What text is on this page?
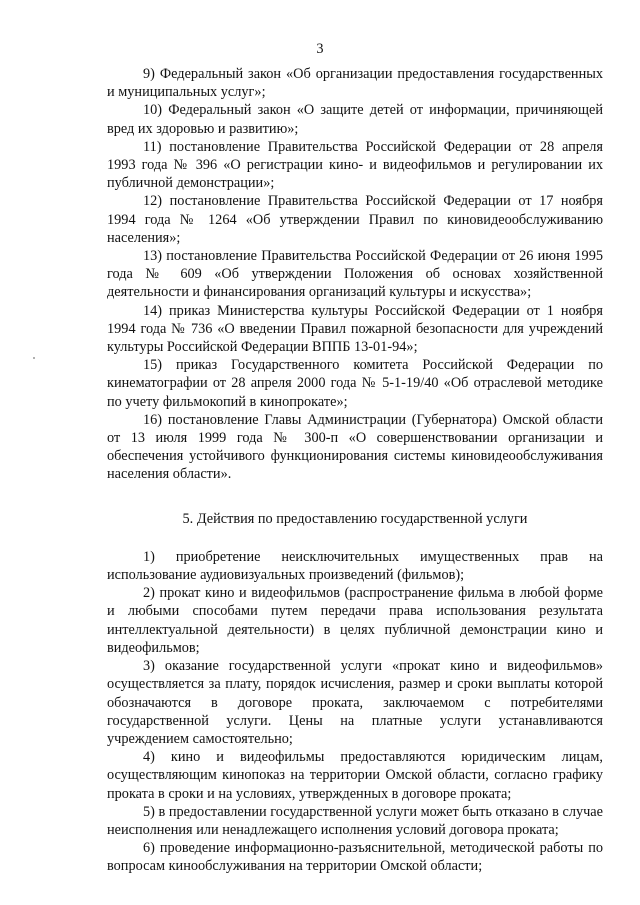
3

9) Федеральный закон «Об организации предоставления государственных и муниципальных услуг»;

10) Федеральный закон «О защите детей от информации, причиняющей вред их здоровью и развитию»;

11) постановление Правительства Российской Федерации от 28 апреля 1993 года № 396 «О регистрации кино- и видеофильмов и регулировании их публичной демонстрации»;

12) постановление Правительства Российской Федерации от 17 ноября 1994 года № 1264 «Об утверждении Правил по киновидеообслуживанию населения»;

13) постановление Правительства Российской Федерации от 26 июня 1995 года № 609 «Об утверждении Положения об основах хозяйственной деятельности и финансирования организаций культуры и искусства»;

14) приказ Министерства культуры Российской Федерации от 1 ноября 1994 года № 736 «О введении Правил пожарной безопасности для учреждений культуры Российской Федерации ВППБ 13-01-94»;

15) приказ Государственного комитета Российской Федерации по кинематографии от 28 апреля 2000 года № 5-1-19/40 «Об отраслевой методике по учету фильмокопий в кинопрокате»;

16) постановление Главы Администрации (Губернатора) Омской области от 13 июля 1999 года № 300-п «О совершенствовании организации и обеспечения устойчивого функционирования системы киновидеообслуживания населения области».

5. Действия по предоставлению государственной услуги

1) приобретение неисключительных имущественных прав на использование аудиовизуальных произведений (фильмов);

2) прокат кино и видеофильмов (распространение фильма в любой форме и любыми способами путем передачи права использования результата интеллектуальной деятельности) в целях публичной демонстрации кино и видеофильмов;

3) оказание государственной услуги «прокат кино и видеофильмов» осуществляется за плату, порядок исчисления, размер и сроки выплаты которой обозначаются в договоре проката, заключаемом с потребителями государственной услуги. Цены на платные услуги устанавливаются учреждением самостоятельно;

4) кино и видеофильмы предоставляются юридическим лицам, осуществляющим кинопоказ на территории Омской области, согласно графику проката в сроки и на условиях, утвержденных в договоре проката;

5) в предоставлении государственной услуги может быть отказано в случае неисполнения или ненадлежащего исполнения условий договора проката;

6) проведение информационно-разъяснительной, методической работы по вопросам кинообслуживания на территории Омской области;
